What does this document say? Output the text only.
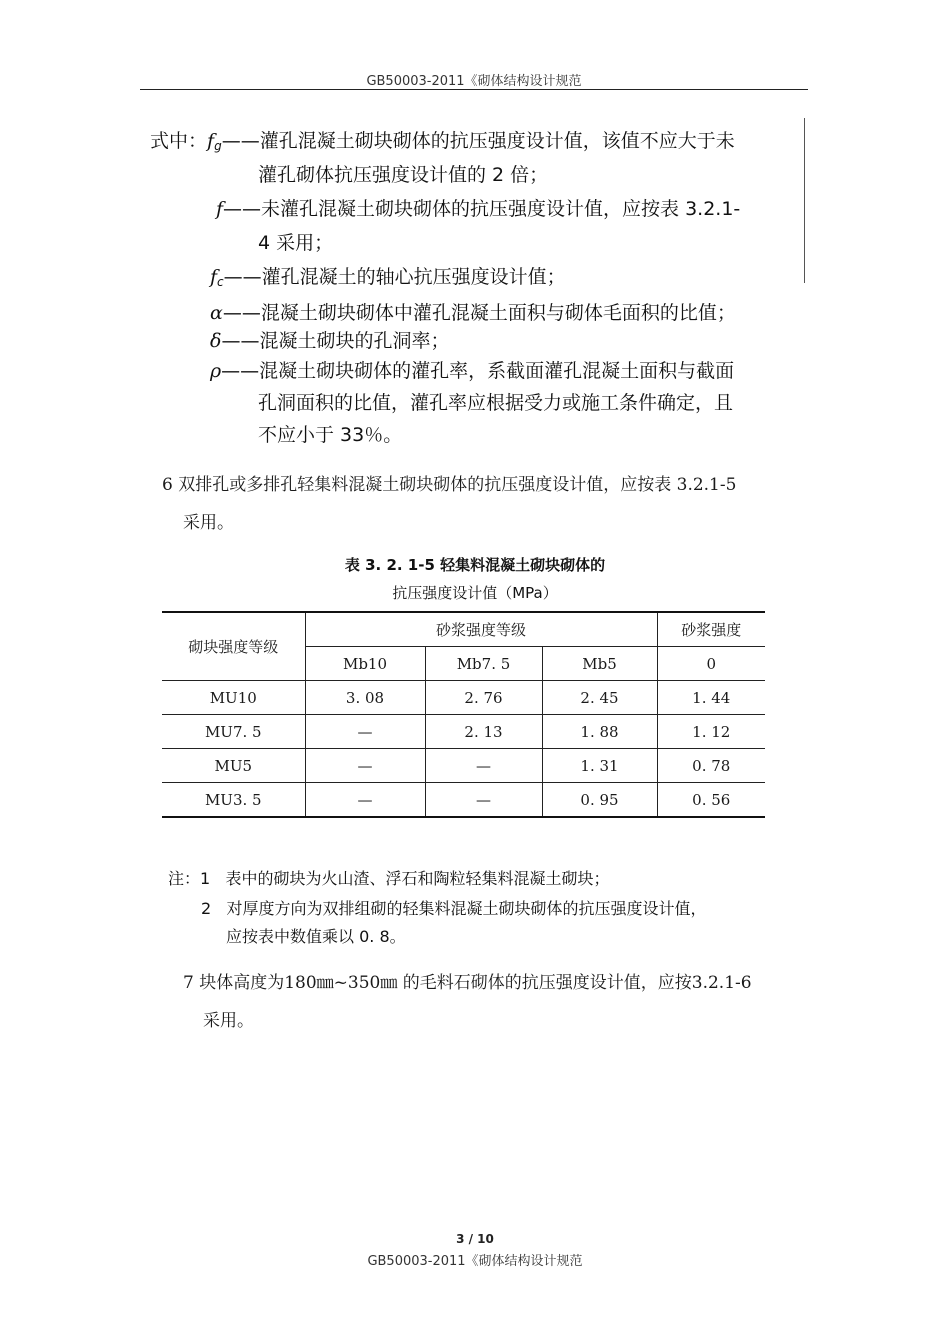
GB50003-2011《砌体结构设计规范
式中：$f_g——$灌孔混凝土砌块砌体的抗压强度设计值，该值不应大于未
灌孔砌体抗压强度设计值的 2 倍；
f——未灌孔混凝土砌块砌体的抗压强度设计值，应按表 3.2.1-
4 采用；
$f_c——$灌孔混凝土的轴心抗压强度设计值；
α——混凝土砌块砌体中灌孔混凝土面积与砌体毛面积的比值；
δ——混凝土砌块的孔洞率；
ρ——混凝土砌块砌体的灌孔率，系截面灌孔混凝土面积与截面
孔洞面积的比值，灌孔率应根据受力或施工条件确定，且
不应小于 33％。
6 双排孔或多排孔轻集料混凝土砌块砌体的抗压强度设计值，应按表 3.2.1-5
采用。
表 3. 2. 1-5 轻集料混凝土砌块砌体的
抗压强度设计值（MPa）
砌块强度等级	砂浆强度等级			砂浆强度
	Mb10	Mb7. 5	Mb5	0
MU10	3. 08	2. 76	2. 45	1. 44
MU7. 5	—	2. 13	1. 88	1. 12
MU5	—	—	1. 31	0. 78
MU3. 5	—	—	0. 95	0. 56
注：1 表中的砌块为火山渣、浮石和陶粒轻集料混凝土砌块；
2 对厚度方向为双排组砌的轻集料混凝土砌块砌体的抗压强度设计值，
应按表中数值乘以 0. 8。
7 块体高度为180㎜~350㎜ 的毛料石砌体的抗压强度设计值，应按3.2.1-6
采用。
3 / 10
GB50003-2011《砌体结构设计规范
